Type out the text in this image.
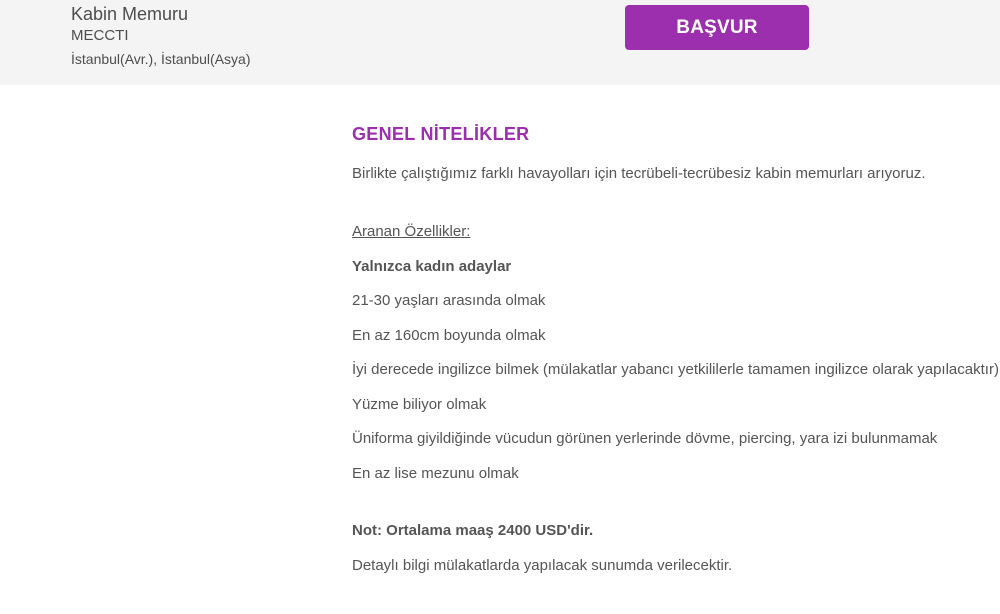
Kabin Memuru
MECCTI
İstanbul(Avr.), İstanbul(Asya)
BAŞVUR
GENEL NİTELİKLER
Birlikte çalıştığımız farklı havayolları için tecrübeli-tecrübesiz kabin memurları arıyoruz.
Aranan Özellikler:
Yalnızca kadın adaylar
21-30 yaşları arasında olmak
En az 160cm boyunda olmak
İyi derecede ingilizce bilmek (mülakatlar yabancı yetkililerle tamamen ingilizce olarak yapılacaktır)
Yüzme biliyor olmak
Üniforma giyildiğinde vücudun görünen yerlerinde dövme, piercing, yara izi bulunmamak
En az lise mezunu olmak
Not: Ortalama maaş 2400 USD'dir.
Detaylı bilgi mülakatlarda yapılacak sunumda verilecektir.
